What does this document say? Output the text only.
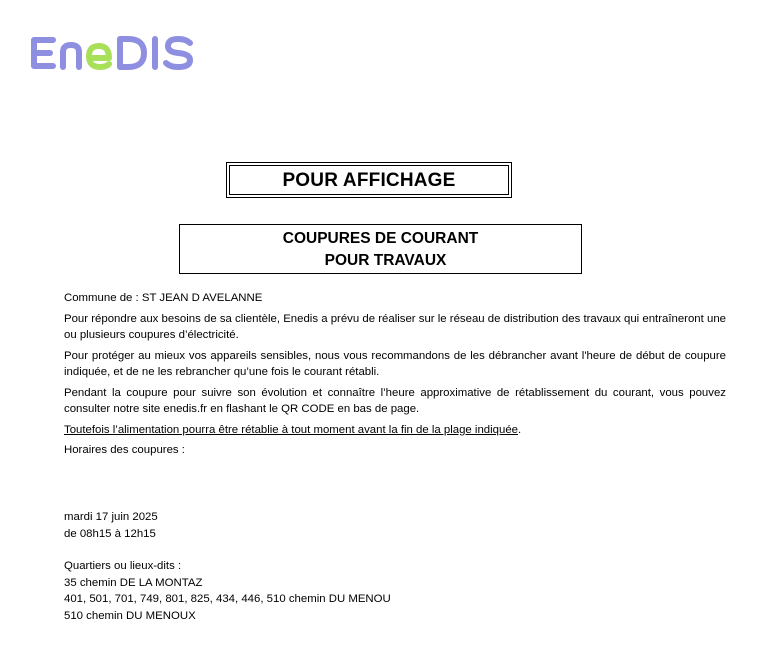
POUR AFFICHAGE
COUPURES DE COURANT
POUR TRAVAUX

Commune de : ST JEAN D AVELANNE

Pour répondre aux besoins de sa clientèle, Enedis a prévu de réaliser sur le réseau de distribution des travaux qui entraîneront une ou plusieurs coupures d’électricité.

Pour protéger au mieux vos appareils sensibles, nous vous recommandons de les débrancher avant l'heure de début de coupure indiquée, et de ne les rebrancher qu’une fois le courant rétabli.

Pendant la coupure pour suivre son évolution et connaître l’heure approximative de rétablissement du courant, vous pouvez consulter notre site enedis.fr en flashant le QR CODE en bas de page.

Toutefois l’alimentation pourra être rétablie à tout moment avant la fin de la plage indiquée.

Horaires des coupures :

mardi 17 juin 2025
de 08h15 à 12h15
Quartiers ou lieux-dits :
35 chemin DE LA MONTAZ
401, 501, 701, 749, 801, 825, 434, 446, 510 chemin DU MENOU
510 chemin DU MENOUX
